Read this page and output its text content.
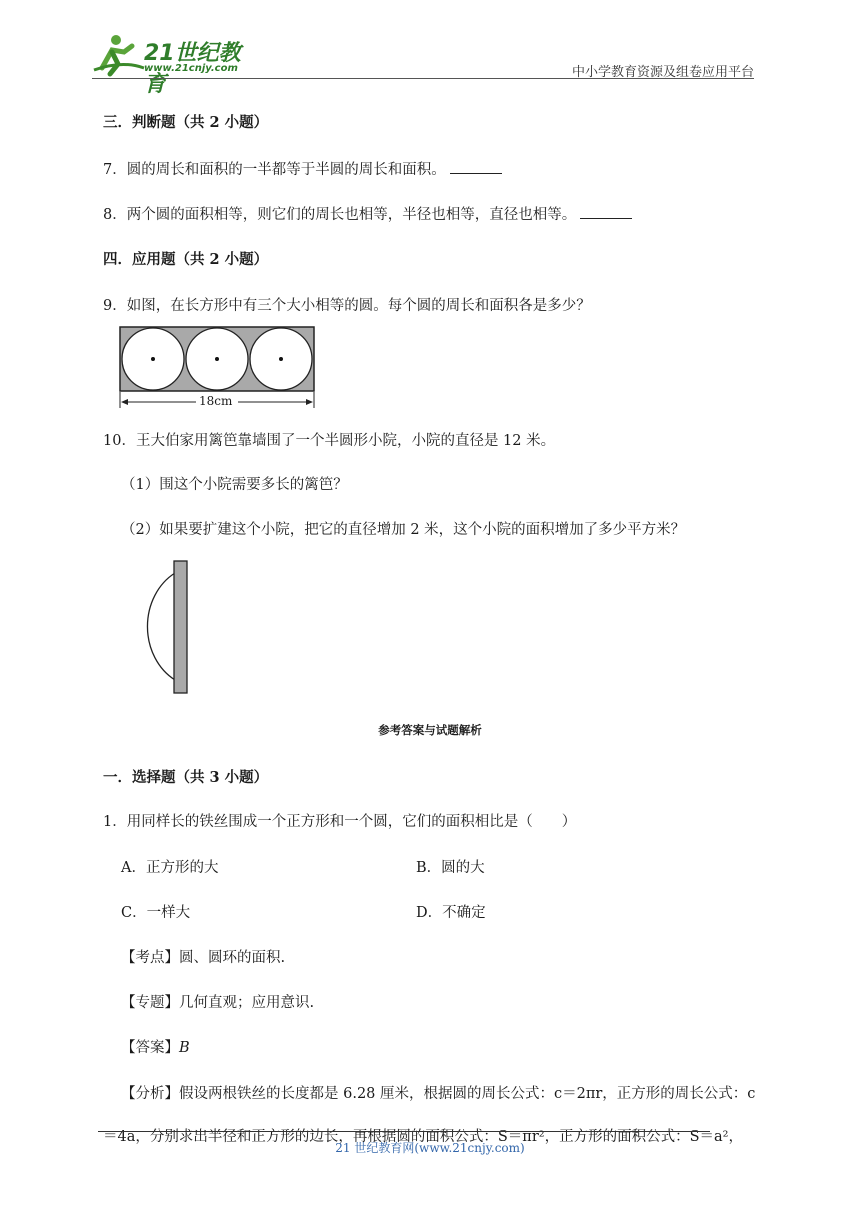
21世纪教育
www.21cnjy.com	中小学教育资源及组卷应用平台
三．判断题（共 2 小题）
7．圆的周长和面积的一半都等于半圆的周长和面积。
8．两个圆的面积相等，则它们的周长也相等，半径也相等，直径也相等。
四．应用题（共 2 小题）
9．如图，在长方形中有三个大小相等的圆。每个圆的周长和面积各是多少？
18cm
10．王大伯家用篱笆靠墙围了一个半圆形小院，小院的直径是 12 米。
（1）围这个小院需要多长的篱笆？
（2）如果要扩建这个小院，把它的直径增加 2 米，这个小院的面积增加了多少平方米？
参考答案与试题解析
一．选择题（共 3 小题）
1．用同样长的铁丝围成一个正方形和一个圆，它们的面积相比是（　　）
A．正方形的大	B．圆的大
C．一样大	D．不确定
【考点】圆、圆环的面积.
【专题】几何直观；应用意识.
【答案】B
【分析】假设两根铁丝的长度都是 6.28 厘米，根据圆的周长公式：c＝2πr，正方形的周长公式：c
＝4a，分别求出半径和正方形的边长，再根据圆的面积公式：S＝πr²，正方形的面积公式：S＝a²，
21 世纪教育网(www.21cnjy.com)
